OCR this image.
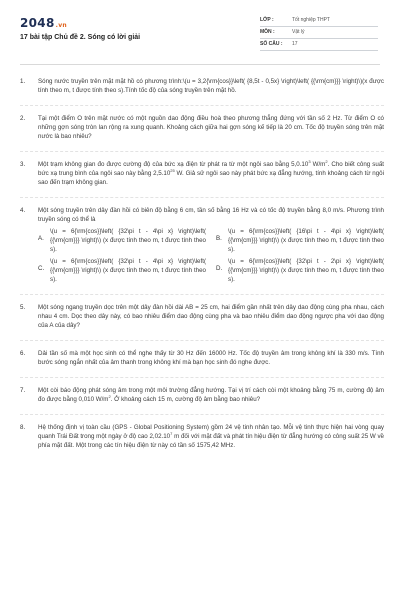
2048.vn
17 bài tập Chủ đề 2. Sóng có lời giải
LỚP :	Tốt nghiệp THPT
MÔN :	Vật lý
SỐ CÂU :	17
1.	Sóng nước truyền trên mặt mặt hồ có phương trình:\(u = 3,2{\rm{cos}}\left( {8,5t - 0,5x} \right)\left( {{\rm{cm}}} \right)\)(x được tính theo m, t được tính theo s).Tính tốc độ của sóng truyền trên mặt hồ.
2.	Tại một điểm O trên mặt nước có một nguồn dao động điều hoà theo phương thẳng đứng với tần số 2 Hz. Từ điểm O có những gợn sóng tròn lan rộng ra xung quanh. Khoảng cách giữa hai gợn sóng kế tiếp là 20 cm. Tốc độ truyền sóng trên mặt nước là bao nhiêu?
3.	Một trạm không gian đo được cường độ của bức xạ điện từ phát ra từ một ngôi sao bằng 5,0.10$^3$ $W/m^2$. Cho biết công suất bức xạ trung bình của ngôi sao này bằng 2,5.10$^{25}$ W. Giả sử ngôi sao này phát bức xạ đẳng hướng, tính khoảng cách từ ngôi sao đến trạm không gian.
4.	Một sóng truyền trên dây đàn hồi có biên độ bằng 6 cm, tần số bằng 16 Hz và có tốc độ truyền bằng 8,0 m/s. Phương trình truyền sóng có thể là
A.
\(u = 6{\rm{cos}}\left( {32\pi t - 4\pi x} \right)\left( {{\rm{cm}}} \right)\) (x được tính theo m, t được tính theo s).
B.
\(u = 6{\rm{cos}}\left( {16\pi t - 4\pi x} \right)\left( {{\rm{cm}}} \right)\) (x được tính theo m, t được tính theo s).
C.
\(u = 6{\rm{cos}}\left( {32\pi t - 4\pi x} \right)\left( {{\rm{cm}}} \right)\) (x được tính theo m, t được tính theo s).
D.
\(u = 6{\rm{cos}}\left( {32\pi t - 2\pi x} \right)\left( {{\rm{cm}}} \right)\) (x được tính theo m, t được tính theo s).
5.	Một sóng ngang truyền dọc trên một dây đàn hồi dài AB = 25 cm, hai điểm gần nhất trên dây dao động cùng pha nhau, cách nhau 4 cm. Dọc theo dây này, có bao nhiêu điểm dao động cùng pha và bao nhiêu điểm dao động ngược pha với dao động của A của dây?
6.	Dải tần số mà một học sinh có thể nghe thấy từ 30 Hz đến 16000 Hz. Tốc độ truyền âm trong không khí là 330 m/s. Tính bước sóng ngắn nhất của âm thanh trong không khí mà bạn học sinh đó nghe được.
7.	Một còi báo động phát sóng âm trong một môi trường đẳng hướng. Tại vị trí cách còi một khoảng bằng 75 m, cường độ âm đo được bằng 0,010 $W/m^2$. Ở khoảng cách 15 m, cường độ âm bằng bao nhiêu?
8.	Hệ thống định vị toàn cầu (GPS - Global Positioning System) gồm 24 vệ tinh nhân tạo. Mỗi vệ tinh thực hiện hai vòng quay quanh Trái Đất trong một ngày ở độ cao 2,02.10$^7$ m đối với mặt đất và phát tín hiệu điện từ đẳng hướng có công suất 25 W về phía mặt đất. Một trong các tín hiệu điện từ này có tần số 1575,42 MHz.
